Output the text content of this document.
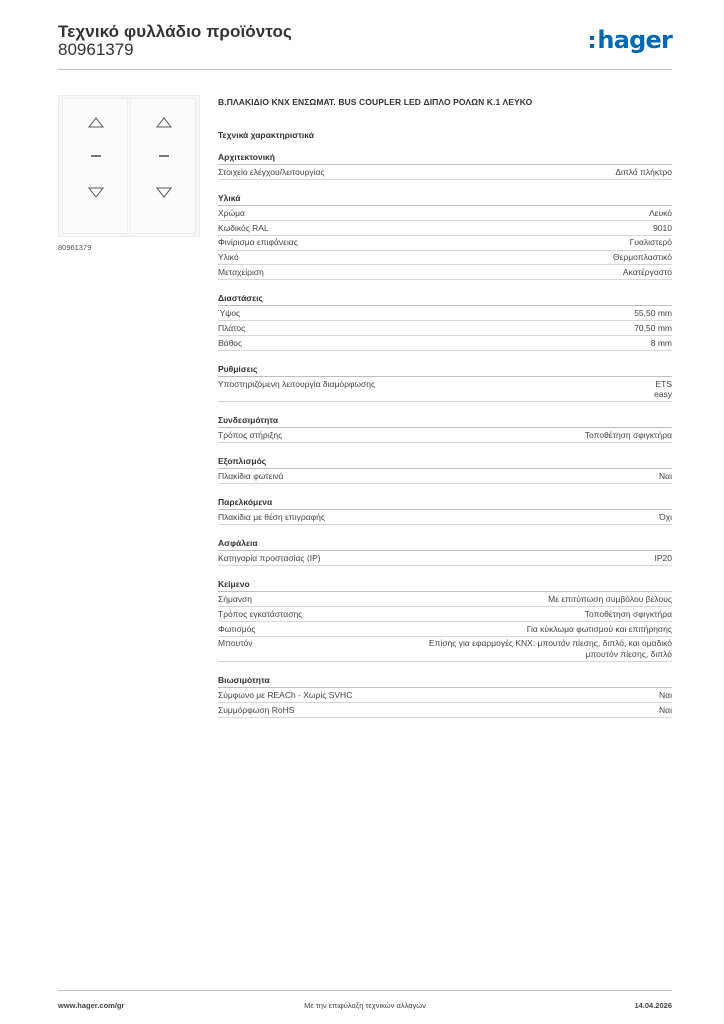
Τεχνικό φυλλάδιο προϊόντος
80961379	hager
80961379
Β.ΠΛΑΚΙΔΙΟ KNX ΕΝΣΩΜΑΤ. BUS COUPLER LED ΔΙΠΛΟ ΡΟΛΩΝ Κ.1 ΛΕΥΚΟ
Τεχνικά χαρακτηριστικά
Αρχιτεκτονική
Στοιχείο ελέγχου/λειτουργίας	Διπλό πλήκτρο
Υλικά
Χρώμα	Λευκό
Κωδικός RAL	9010
Φινίρισμα επιφάνειας	Γυαλιστερό
Υλικό	Θερμοπλαστικό
Μεταχείριση	Ακατέργαστο
Διαστάσεις
Ύψος	55,50 mm
Πλάτος	70,50 mm
Βάθος	8 mm
Ρυθμίσεις
Υποστηριζόμενη λειτουργία διαμόρφωσης	ETS
easy
Συνδεσιμότητα
Τρόπος στήριξης	Τοποθέτηση σφιγκτήρα
Εξοπλισμός
Πλακίδια φωτεινά	Ναι
Παρελκόμενα
Πλακίδια με θέση επιγραφής	Όχι
Ασφάλεια
Κατηγορία προστασίας (IP)	IP20
Κείμενο
Σήμανση	Με επιτύπωση συμβόλου βέλους
Τρόπος εγκατάστασης	Τοποθέτηση σφιγκτήρα
Φωτισμός	Για κύκλωμα φωτισμού και επιτήρησης
Μπουτόν	Επίσης για εφαρμογές KNX: μπουτόν πίεσης, διπλό, και ομαδικό
μπουτόν πίεσης, διπλό
Βιωσιμότητα
Σύμφωνο με REACh - Χωρίς SVHC	Ναι
Συμμόρφωση RoHS	Ναι
Με την επιφύλαξη τεχνικών αλλαγών
www.hager.com/gr	14.04.2026
